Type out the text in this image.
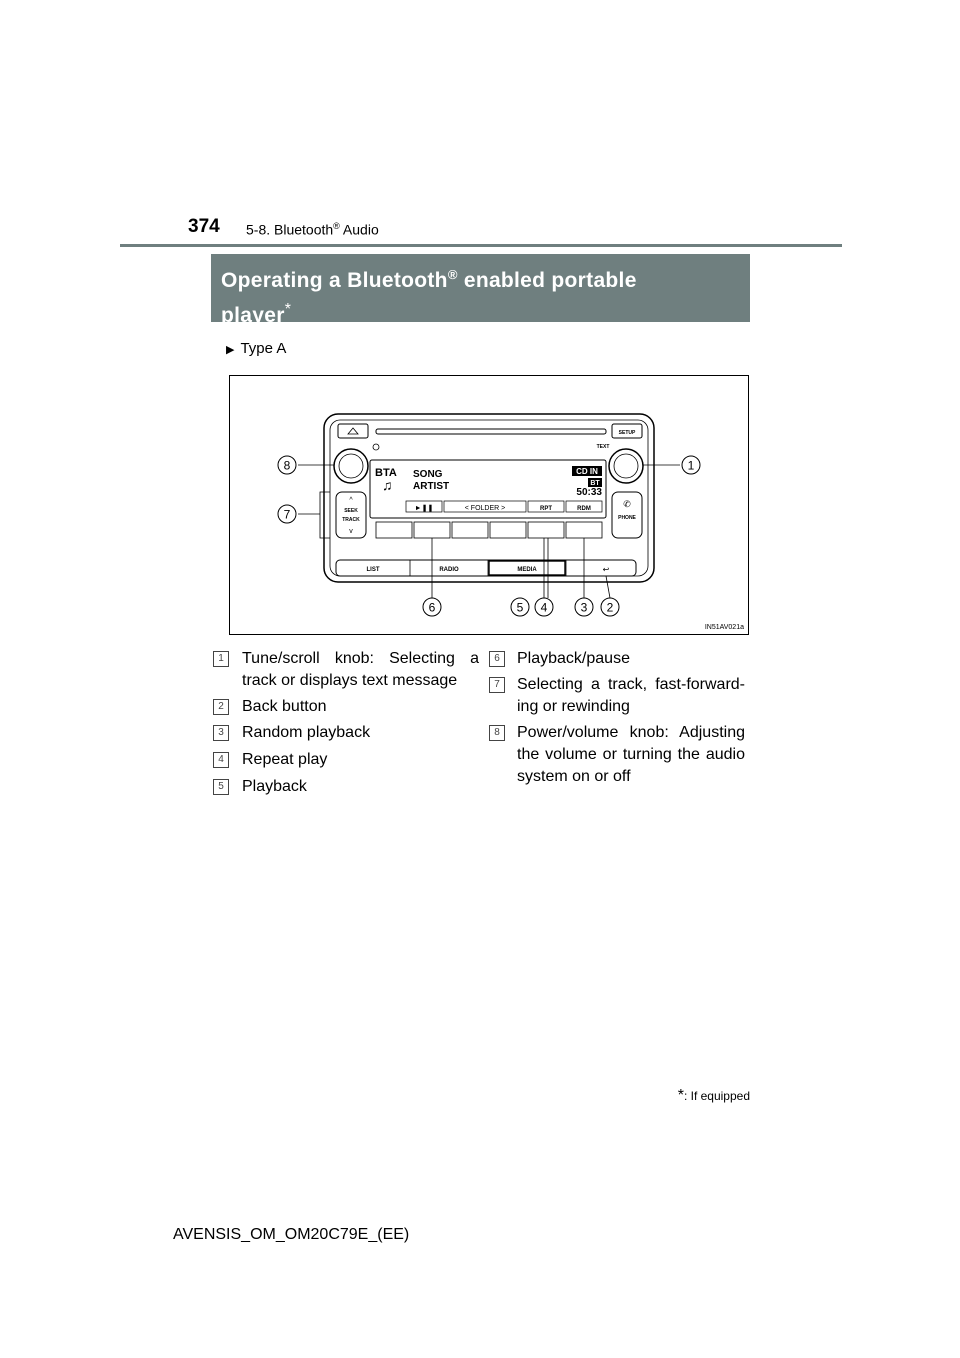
374 5-8. Bluetooth® Audio
Operating a Bluetooth® enabled portable
player*
▶ Type A
SETUP
TEXT
BTA
♫
SONG
ARTIST
CD IN
BT
50:33
►❚❚	< FOLDER >	RPT	RDM
^
SEEK
TRACK
v
✆
PHONE
LIST	RADIO	MEDIA	↩
8	1
7
6	5 4	3 2
IN51AV021a
1	Tune/scroll knob: Selecting a track or displays text message
2	Back button
3	Random playback
4	Repeat play
5	Playback
6	Playback/pause
7	Selecting a track, fast-forward-ing or rewinding
8	Power/volume knob: Adjusting the volume or turning the audio system on or off
*: If equipped
AVENSIS_OM_OM20C79E_(EE)
